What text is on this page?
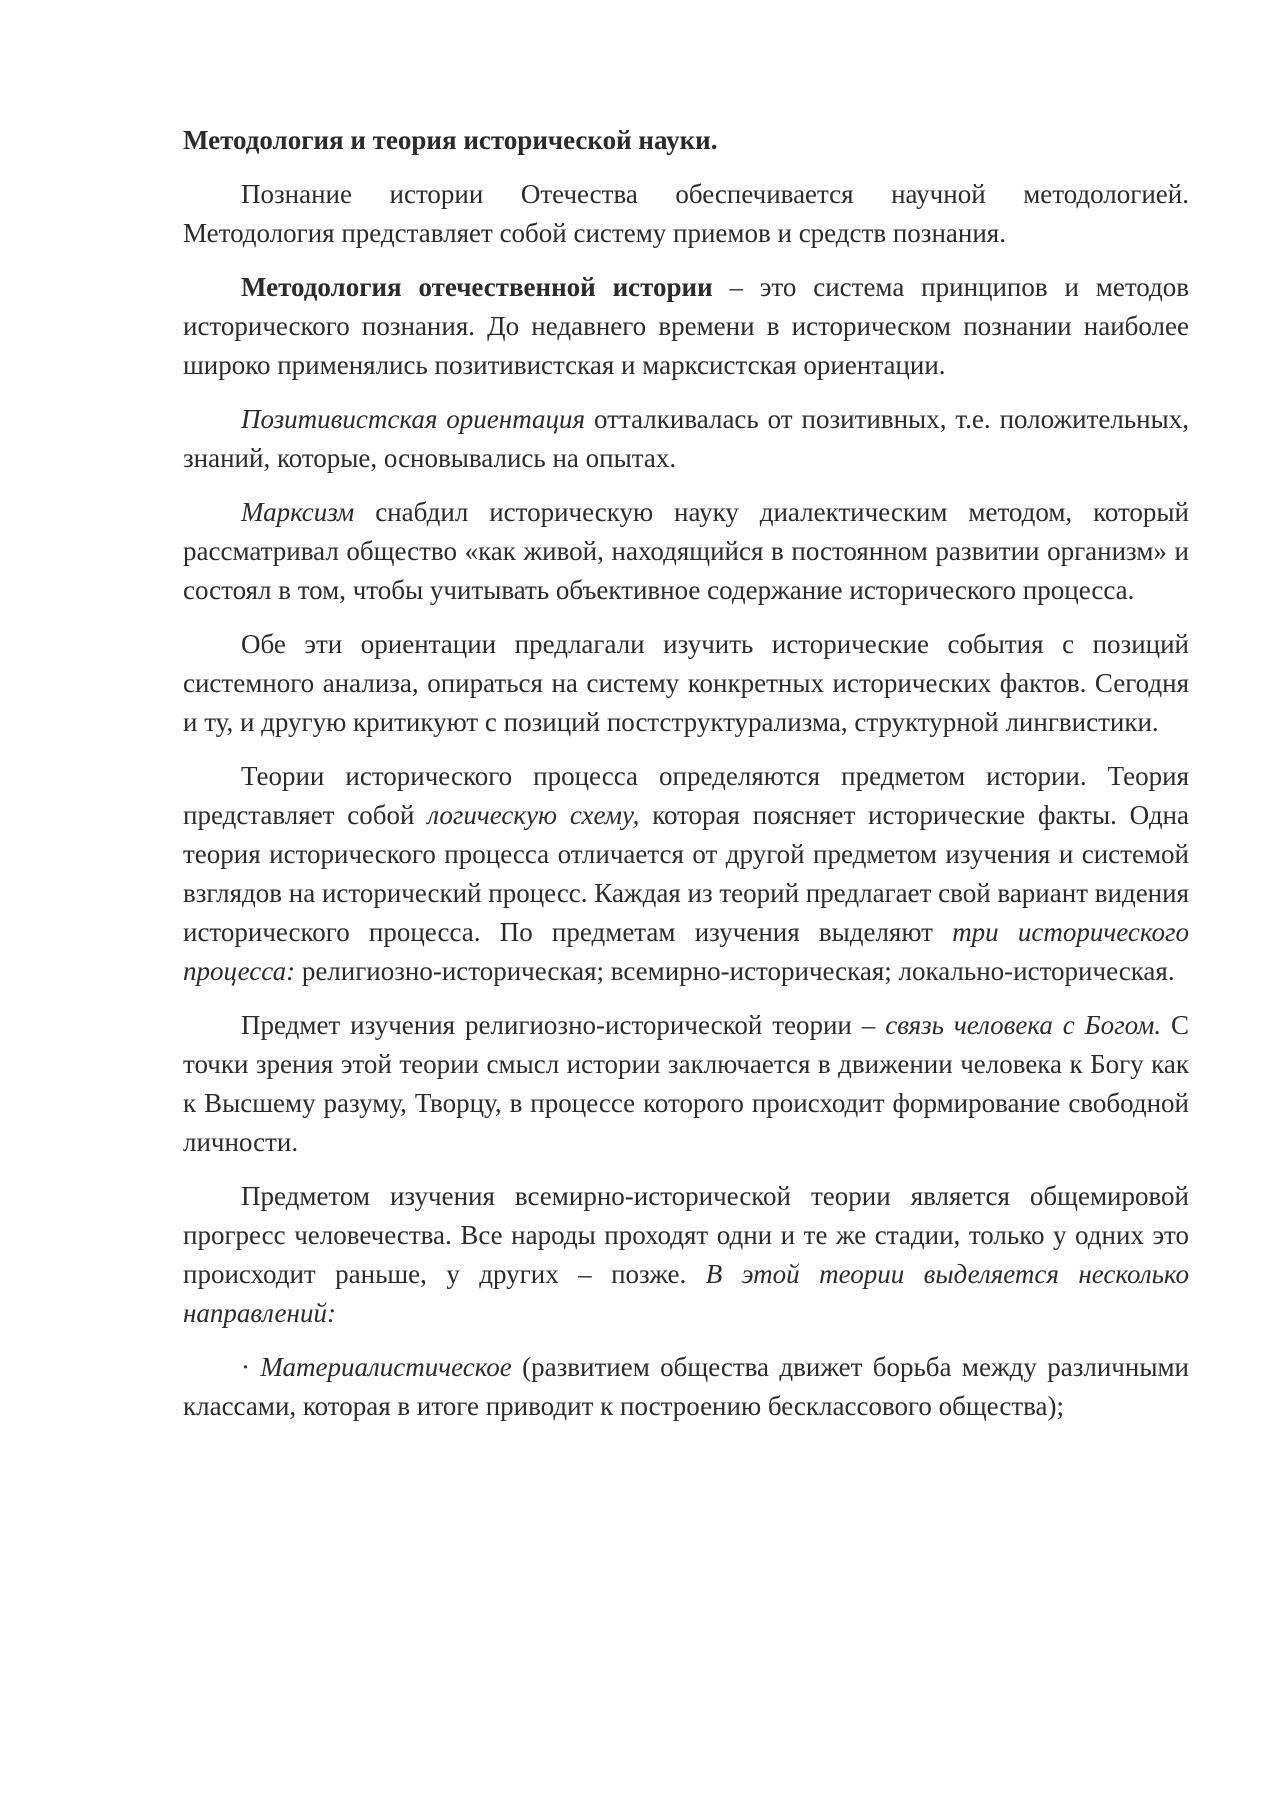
Методология и теория исторической науки.

Познание истории Отечества обеспечивается научной методологией. Методология представляет собой систему приемов и средств познания.

Методология отечественной истории – это система принципов и методов исторического познания. До недавнего времени в историческом познании наиболее широко применялись позитивистская и марксистская ориентации.

Позитивистская ориентация отталкивалась от позитивных, т.е. положительных, знаний, которые, основывались на опытах.

Марксизм снабдил историческую науку диалектическим методом, который рассматривал общество «как живой, находящийся в постоянном развитии организм» и состоял в том, чтобы учитывать объективное содержание исторического процесса.

Обе эти ориентации предлагали изучить исторические события с позиций системного анализа, опираться на систему конкретных исторических фактов. Сегодня и ту, и другую критикуют с позиций постструктурализма, структурной лингвистики.

Теории исторического процесса определяются предметом истории. Теория представляет собой логическую схему, которая поясняет исторические факты. Одна теория исторического процесса отличается от другой предметом изучения и системой взглядов на исторический процесс. Каждая из теорий предлагает свой вариант видения исторического процесса. По предметам изучения выделяют три исторического процесса: религиозно-историческая; всемирно-историческая; локально-историческая.

Предмет изучения религиозно-исторической теории – связь человека с Богом. С точки зрения этой теории смысл истории заключается в движении человека к Богу как к Высшему разуму, Творцу, в процессе которого происходит формирование свободной личности.

Предметом изучения всемирно-исторической теории является общемировой прогресс человечества. Все народы проходят одни и те же стадии, только у одних это происходит раньше, у других – позже. В этой теории выделяется несколько направлений:

· Материалистическое (развитием общества движет борьба между различными классами, которая в итоге приводит к построению бесклассового общества);
